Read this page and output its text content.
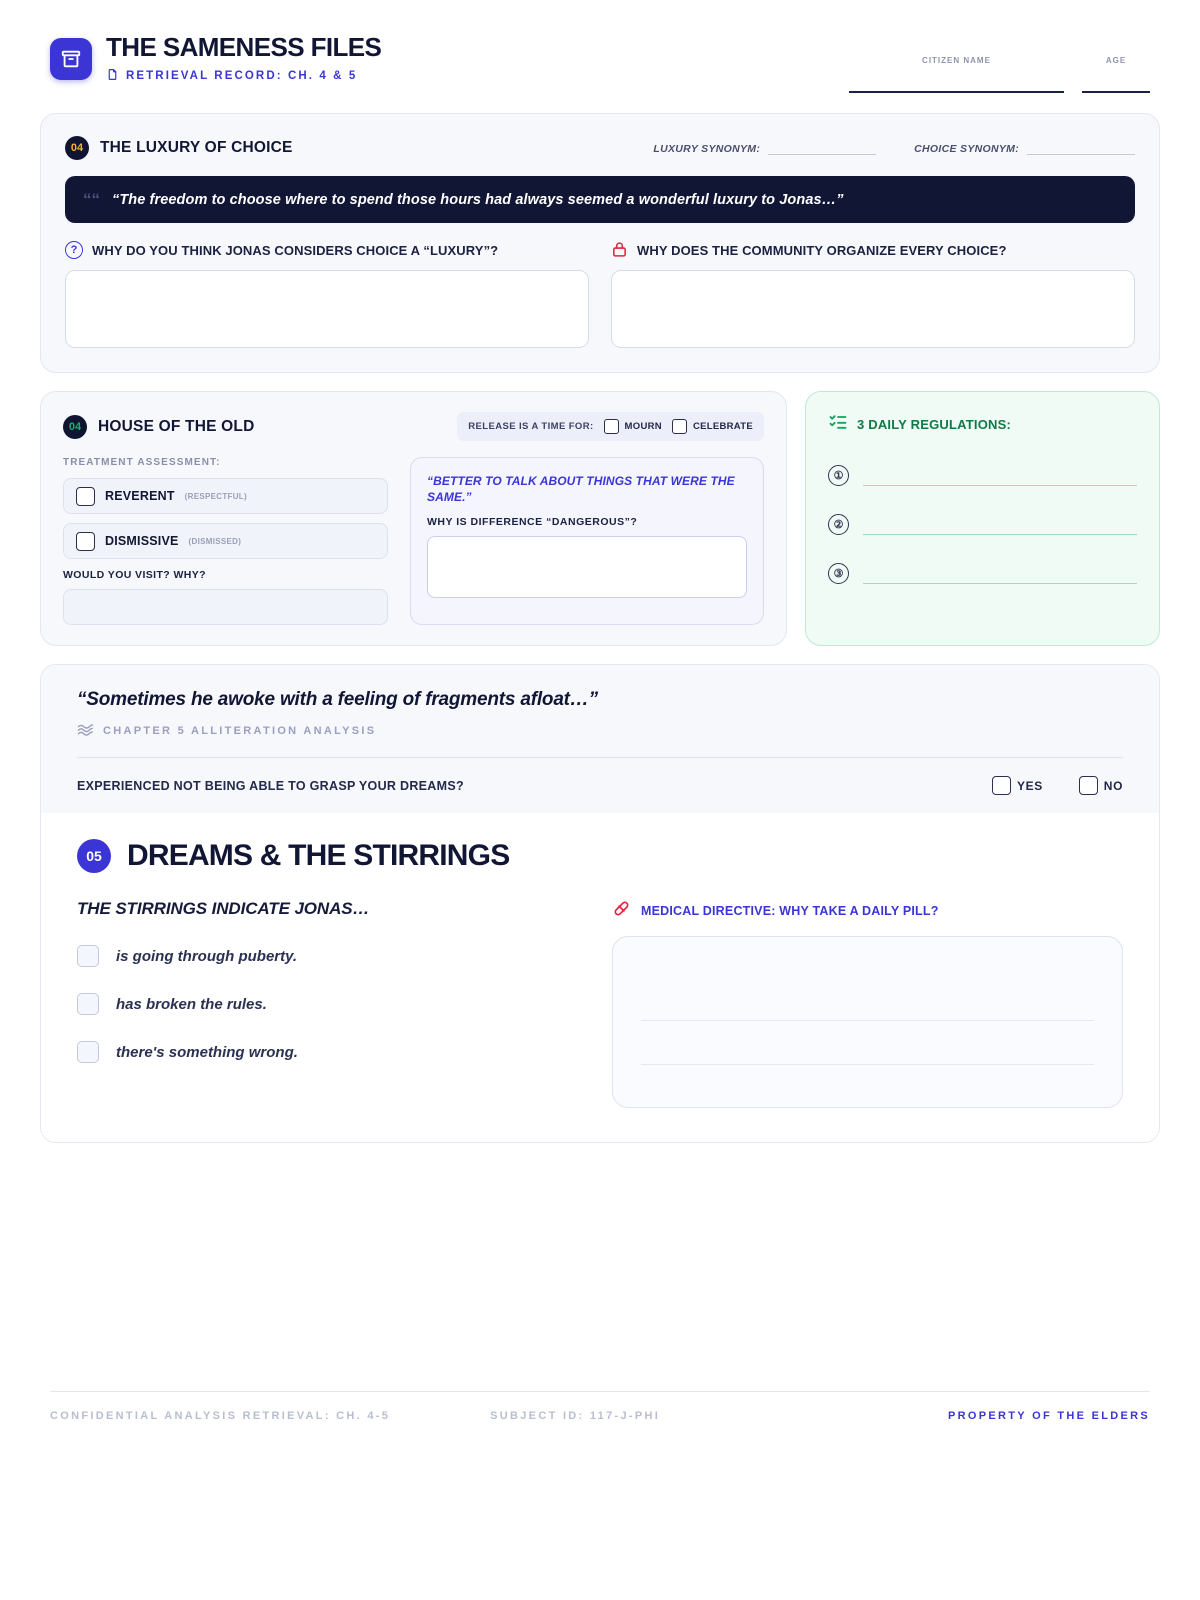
THE SAMENESS FILES
RETRIEVAL RECORD: CH. 4 & 5
CITIZEN NAME	AGE
04	THE LUXURY OF CHOICE	LUXURY SYNONYM:	CHOICE SYNONYM:
““ “The freedom to choose where to spend those hours had always seemed a wonderful luxury to Jonas…”
?	WHY DO YOU THINK JONAS CONSIDERS CHOICE A “LUXURY”?	WHY DOES THE COMMUNITY ORGANIZE EVERY CHOICE?
04	HOUSE OF THE OLD	RELEASE IS A TIME FOR:	MOURN	CELEBRATE
TREATMENT ASSESSMENT:
REVERENT (RESPECTFUL)
DISMISSIVE (DISMISSED)
WOULD YOU VISIT? WHY?
“BETTER TO TALK ABOUT THINGS THAT WERE THE SAME.”
WHY IS DIFFERENCE “DANGEROUS”?
3 DAILY REGULATIONS:
①
②
③
“Sometimes he awoke with a feeling of fragments afloat…”
CHAPTER 5 ALLITERATION ANALYSIS
EXPERIENCED NOT BEING ABLE TO GRASP YOUR DREAMS?	YES	NO
05 DREAMS & THE STIRRINGS
THE STIRRINGS INDICATE JONAS…
is going through puberty.
has broken the rules.
there's something wrong.
MEDICAL DIRECTIVE: WHY TAKE A DAILY PILL?
CONFIDENTIAL ANALYSIS RETRIEVAL: CH. 4-5	SUBJECT ID: 117-J-PHI	PROPERTY OF THE ELDERS
